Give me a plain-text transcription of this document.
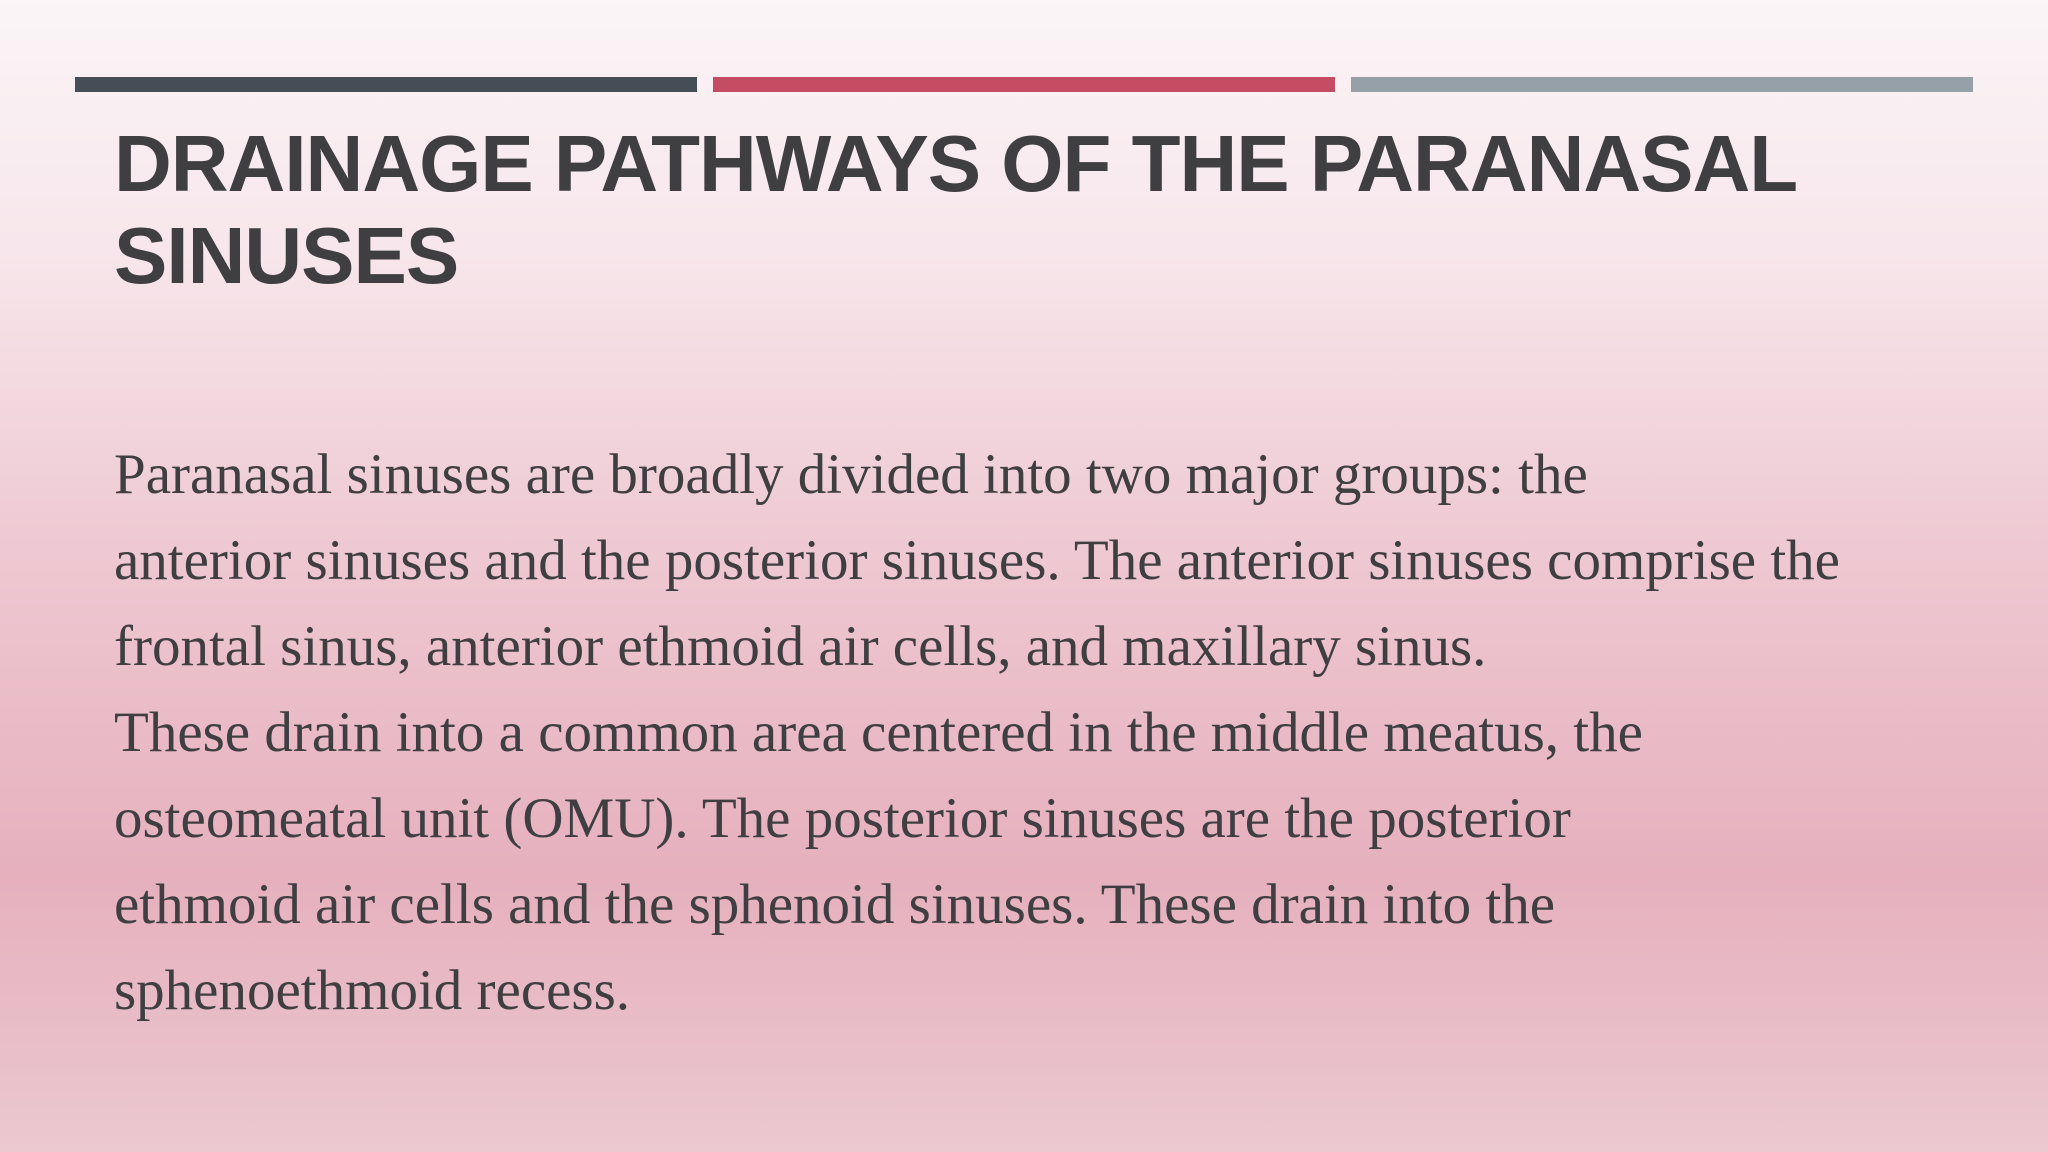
DRAINAGE PATHWAYS OF THE PARANASAL SINUSES

Paranasal sinuses are broadly divided into two major groups: the
anterior sinuses and the posterior sinuses. The anterior sinuses comprise the
frontal sinus, anterior ethmoid air cells, and maxillary sinus.
These drain into a common area centered in the middle meatus, the
osteomeatal unit (OMU). The posterior sinuses are the posterior
ethmoid air cells and the sphenoid sinuses. These drain into the
sphenoethmoid recess.
